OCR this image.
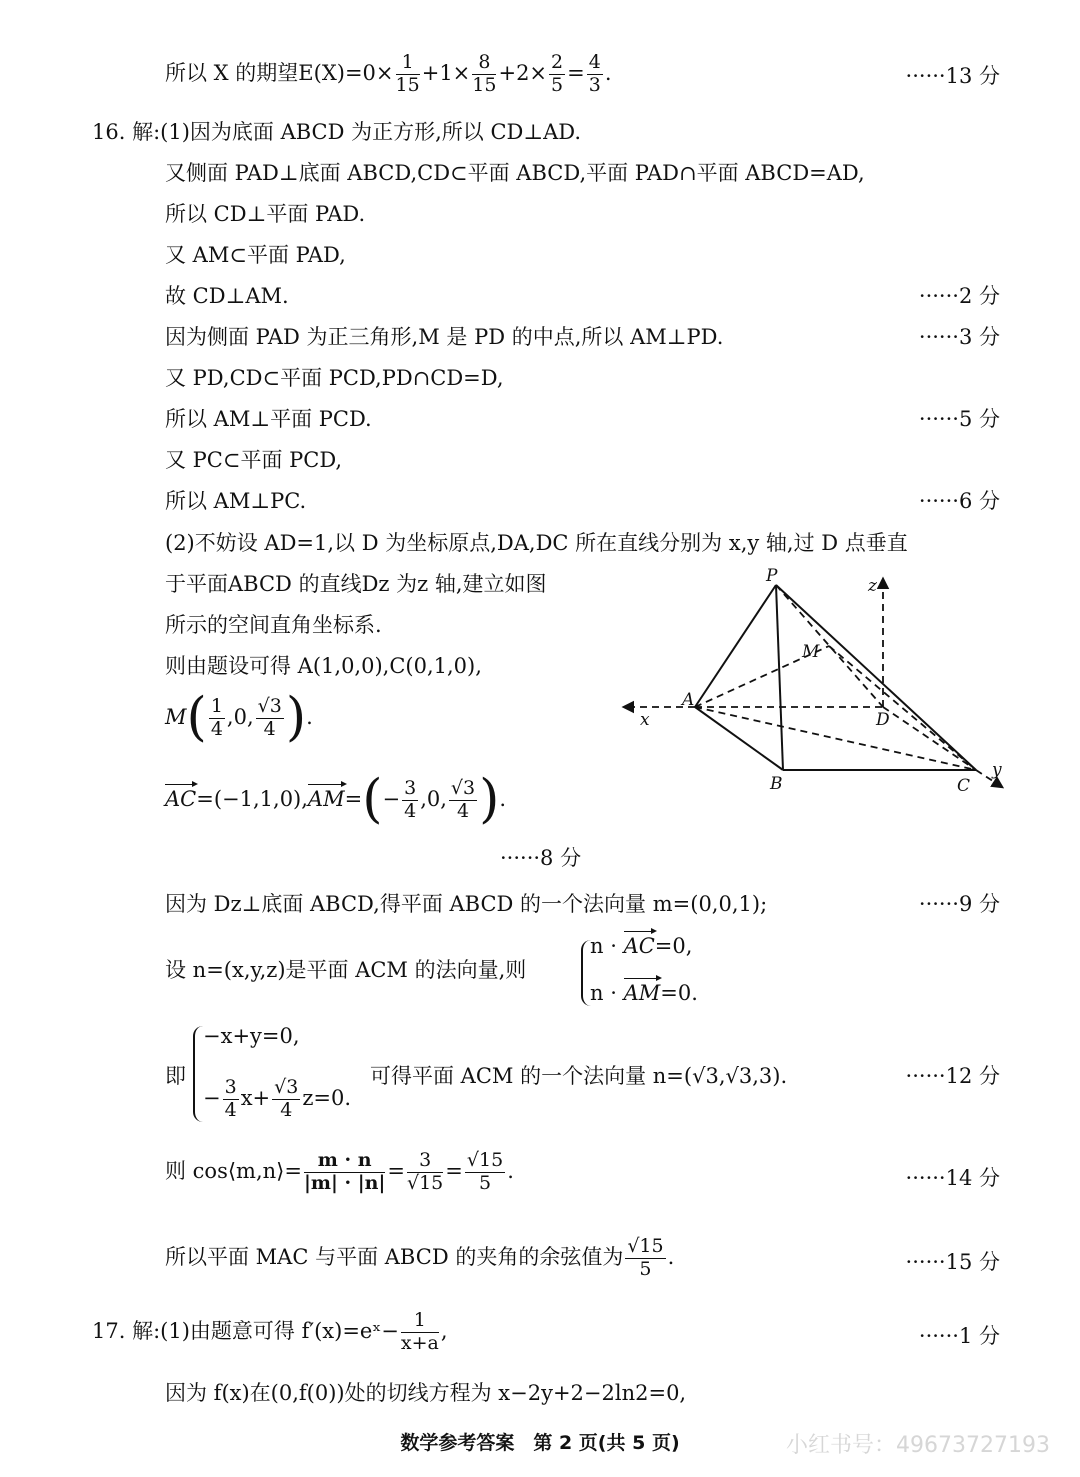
所以 X 的期望$E(X)=0\times \frac{1}{15} +1\times \frac{8}{15} +2\times \frac{2}{5} = \frac{4}{3}$ .	······13 分
16. 解:(1)因为底面 ABCD 为正方形,所以 CD⊥AD.
又侧面 PAD⊥底面 ABCD,CD⊂平面 ABCD,平面 PAD∩平面 ABCD=AD,
所以 CD⊥平面 PAD.
又 AM⊂平面 PAD,
故 CD⊥AM.	······2 分
因为侧面 PAD 为正三角形,M 是 PD 的中点,所以 AM⊥PD.	······3 分
又 PD,CD⊂平面 PCD,PD∩CD=D,
所以 AM⊥平面 PCD.	······5 分
又 PC⊂平面 PCD,
所以 AM⊥PC.	······6 分
(2)不妨设 AD=1,以 D 为坐标原点,DA,DC 所在直线分别为 x,y 轴,过 D 点垂直
于平面ABCD 的直线Dz 为z 轴,建立如图
所示的空间直角坐标系.
则由题设可得 A(1,0,0),C(0,1,0),
$M( \frac{1}{4} ,0$, $\frac{√3}{4}$ ).
$AC=(-1,1,0),AM=(- \frac{3}{4} ,0$, $\frac{√3}{4}$ ).
······8 分
P	z
M
A
x	D
B	C
y
因为 Dz⊥底面 ABCD,得平面 ABCD 的一个法向量 m=(0,0,1);	······9 分
设 n=(x,y,z)是平面 ACM 的法向量,则
n · AC=0,
n · AM=0.
即
−x+y=0,
− $\frac{3}{4} x+ \frac{√3}{4} z=0$.
可得平面 ACM 的一个法向量 n=(√3,√3,3).	······12 分
则 cos⟨m,n⟩= $\frac{m \cdot n}{|m| \cdot |n|} = \frac{3}{√15} = \frac{√15}{5}$ .	······14 分
所以平面 MAC 与平面 ABCD 的夹角的余弦值为 $\frac{√15}{5}$ .	······15 分
17. 解:(1)由题意可得 f′(x)=eˣ− $\frac{1}{x+a}$ ,	······1 分
因为 f(x)在(0,f(0))处的切线方程为 x−2y+2−2ln2=0,
数学参考答案　第 2 页(共 5 页)	小红书号：49673727193
